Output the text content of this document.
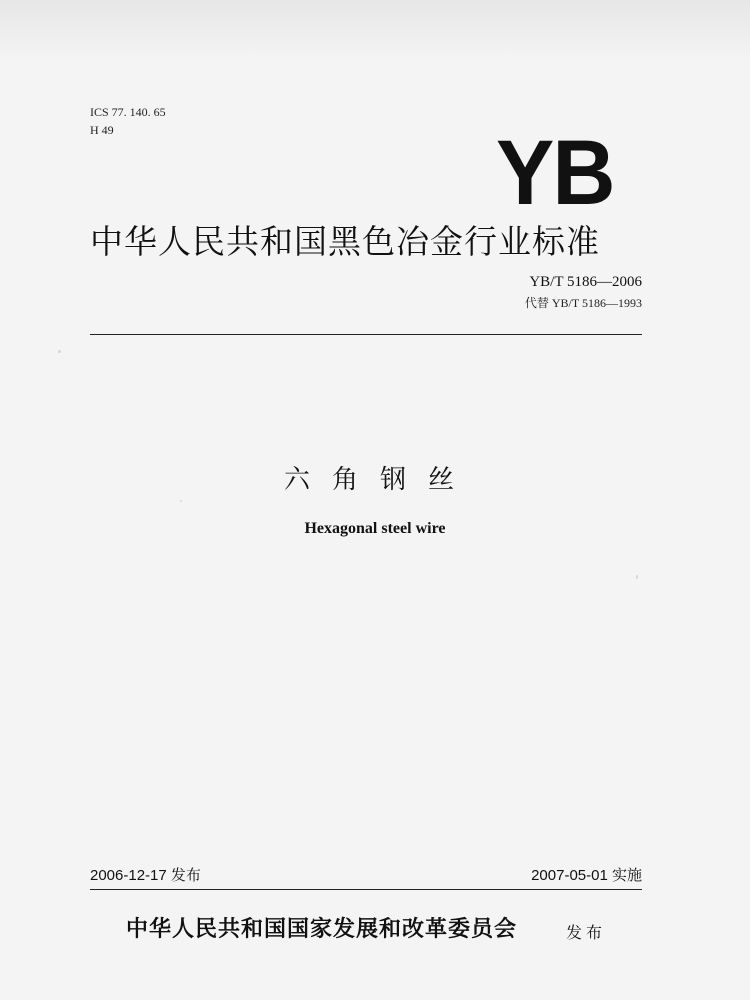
ICS 77. 140. 65
H 49	YB
中华人民共和国黑色冶金行业标准
YB/T 5186—2006
代替 YB/T 5186—1993
六角钢丝
Hexagonal steel wire
2006-12-17 发布	2007-05-01 实施
中华人民共和国国家发展和改革委员会	发布
